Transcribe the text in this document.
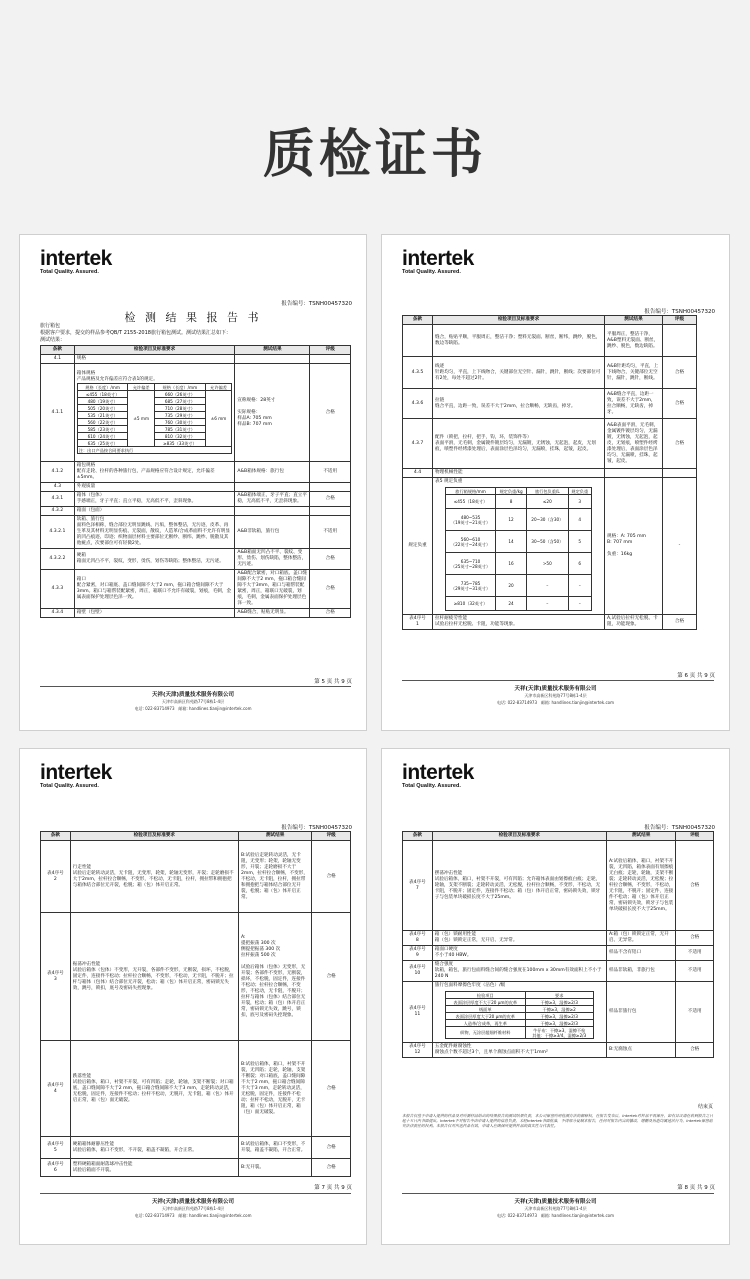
质检证书
intertek
Total Quality. Assured.
报告编号：TSNH00457320
检 测 结 果 报 告 书
旅行箱包
根据客户要求，提交的样品参考QB/T 2155-2018旅行箱包测试。测试结果汇总如下：
测试结果：
条款	检验项目及标准要求	测试结果	评级
4.1	规格		
4.1.1	
箱体规格
产品规格及允许偏差应符合表1的规定。
规格（长度）/mm	允许偏差	规格（长度）/mm	允许偏差
≤455（18英寸）	±5 mm	660（26英寸）	±6 mm
480（19英寸）	685（27英寸）
505（20英寸）	710（28英寸）
535（21英寸）	735（29英寸）
560（22英寸）	760（30英寸）
585（23英寸）	785（31英寸）
610（24英寸）	810（32英寸）
635（25英寸）	≥835（33英寸）
注：出口产品按合同要求执行
	宣称规格：28英寸

实际规格：
样品A: 705 mm
样品B: 707 mm	合格
4.1.2	箱包规格
配有走轮、拉杆的各种旅行包，产品规格应符合设计规定，允许偏差±5mm。	A&B箱体规格：旅行包	不适用
4.3	外观质量		
4.3.1	箱体（包体）
手感端正，牙子平直；直立平稳，无高低不平，歪斜现象。	A&B箱体端正，牙子平直；直立平稳，无高低不平，无歪斜现象。	合格
4.3.2	箱面（包面）		
4.3.2.1	软箱、旅行包
面料色泽相称，缝合部位无明显跳线、污垢，整体整洁，无污迹，皮革、再生革及其材料无明显伤痕、无裂面，散纹，人造革/合成革面料不允许有明显的凹凸痕迹、印迹；织物面层材料主要部位无断纱、断纬、跳纱、脱散及其他疵点，次要部位可有轻微2处。	A&B非软箱，旅行包	不适用
4.3.2.2	硬箱
箱面无凹凸不平，裂纹，变形，烫伤，划伤等缺陷；整体整洁，无污迹。	A&B箱面无凹凸不平、裂纹、变形、烫伤、划伤缺陷，整体整洁，无污迹。	合格
4.3.3	箱口
配合紧密，对口箱底、盖口缝间隙不大于2 mm，拖口箱合缝间隙不大于3mm。箱口与箱帮装配紧密，周正，箱联口不允许有破裂，划痕，毛刺，金属表面保护处理层色泽一致。	A&B配合紧密，对口箱底、盖口缝间隙不大于2 mm，拖口箱合缝间隙不大于3mm，箱口与箱帮装配紧密，周正，箱联口无破裂，划痕，毛刺，金属表面保护处理层色泽一致。	合格
4.3.4	箱壁（包壁）	A&B缝合，贴贴无明显。	合格
第 5 页 共 9 页
天祥(天津)质量技术服务有限公司
天津市高新区科苑路77号8栋1-4层
电话: 022-83714973 邮箱: handlines.tianjin@intertek.com
intertek
Total Quality. Assured.
报告编号：TSNH00457320
条款	检验项目及标准要求	测试结果	评级
	缝合，贴贴平顺，平服周正，整洁干净；塑料无裂面、断丝，断纬，跳纱，脱色，数边等缺陷。	平服周正，整洁干净，A&B塑料无裂面、断丝，跳纱、脱色，数边缺陷。	
4.3.5	线迹
针距均匀，平直，上下线吻合，关键部位无空针、漏针，跳针，断线；次要部位可有2处，每处不超过2针。	A&B针距均匀，平直，上下线吻合，关键部位无空针，漏针，跳针，断线。	合格
4.3.6	拉链
缝合平直，边距一致，误差不大于2mm，拉合顺畅，无缺齿，掉牙。	A&B缝合平直，边距一致，误差不大于2mm，拉合顺畅，无缺齿，掉牙。	合格
4.3.7	配件（锁把，拉杆，把手，钩，环，装饰件等）
表面平滑，无毛刺，金属镀件镀层均匀，无漏镀，无锈蚀，无起泡，起皮，无划痕，喷塑件经烤漆处理后，表面涂层色泽均匀，无漏喷，挂珠，起皱，起皮。	A&B表面平滑，无毛刺，金属镀件镀层均匀，无漏镀，无锈蚀，无起泡，起皮，无划痕，喷塑件经烤漆处理后，表面涂层色泽均匀，无漏喷，挂珠，起皱，起皮。	合格
4.4	物理机械性能		
规定负重	
表5 规定负重
旅行箱规格/mm	规定负重/kg	旅行包负重/L	规定负重
≤455（18英寸）	8	≤20	3
480~535
（19英寸~21英寸）	12	20~30（含30）	4
560~610
（22英寸~24英寸）	14	30~50（含50）	5
635~710
（25英寸~28英寸）	16	>50	6
735~785
（29英寸~31英寸）	20	–	–
≥810（32英寸）	24	–	–
	规格：A: 705 mm
B: 707 mm

负重：16kg	-
表4序号
1	拉杆耐疲劳性能
试验后拉杆无松脱、卡阻，功能等现象。	A,试验后拉杆无松脱、卡阻，功能现象。	合格
第 6 页 共 9 页
天祥(天津)质量技术服务有限公司
天津市高新区科苑路77号8栋1-4层
电话: 022-83714973 邮箱: handlines.tianjin@intertek.com
intertek
Total Quality. Assured.
报告编号：TSNH00457320
条款	检验项目及标准要求	测试结果	评级
表4序号
2	行走性能
试验后走轮转动灵活，无卡阻，无变形，轮架，轮轴无变形，开裂；走轮磨损不大于2mm，拉杆拉合顺畅，不变形，不松动，无卡阻，拉杆，拥拉带和拥抱把与箱体结合部位无开裂，松脱；箱（包）体开启正常。	B:试验后走轮转动灵活，无卡阻，无变形；轮架，轮轴无变形，开裂；走轮磨损不大于2mm，拉杆拉合顺畅，不变形，不松动，无卡阻，拉杆，拥拉带和拥抱把与箱体结合部位无开裂，松脱；箱（包）体开启正常。	合格
表4序号
3	振荡冲击性能
试验后箱体（包体）不变形，无开裂，各部件不变形，无断裂，损坏，不松脱，固定件，连接件不松动；拉杆拉合顺畅，不变形，不松动，无卡阻，不脱开；拉杆与箱体（包体）结合部位无开裂，松动；箱（包）体开启正常，密码锁无失效，跳号，锁扣，底号及密码失控现象。	A:
提把振荡 300 次
侧提把振荡 300 次
拉杆振荡 500 次

试验后箱体（包体）无变形，无开裂；各部件不变形，无断裂，损坏，不松脱，固定件，连接件不松动；拉杆拉合顺畅，不变形，不松动，无卡阻，不脱开；拉杆与箱体（包体）结合部位无开裂，松动；箱（包）体开启正常，密码锁无失效，跳号，锁扣，底号及密码失控现象。	合格
表4序号
4	跌落性能
试验后箱体，箱口，衬架不开裂，可有凹陷；走轮，轮轴，支架不断裂；对口箱底，盖口缝间隙不大于2 mm，拖口箱合缝间隙不大于3 mm，走轮转动灵活，无松脱，固定件，连接件不松动；拉杆不松动，无脱开，无卡阻，箱（包）体开启正常，箱（包）面无破裂。	B:试验后箱体，箱口，衬架不开裂，无凹陷；走轮，轮轴，支架不断裂；对口箱底，盖口缝间隙不大于2 mm，拖口箱合缝间隙不大于3 mm，走轮转动灵活，无松脱，固定件，连接件不松动；拉杆不松动，无脱开，无卡阻，箱（包）体开启正常，箱（包）面无破裂。	合格
表4序号
5	硬箱箱体耐静压性能
试验后箱体，箱口不变形，不开裂，箱盖不凝陷，开合正常。	B:试验后箱体，箱口不变形，不开裂，箱盖不凝陷，开合正常。	合格
表4序号
6	塑料硬箱箱面耐落球冲击性能
试验后箱面不开裂。	B:无开裂。	合格
第 7 页 共 9 页
天祥(天津)质量技术服务有限公司
天津市高新区科苑路77号8栋1-4层
电话: 022-83714973 邮箱: handlines.tianjin@intertek.com
intertek
Total Quality. Assured.
报告编号：TSNH00457320
条款	检验项目及标准要求	测试结果	评级
表4序号
7	摆荡冲击性能
试验后箱体，箱口，衬架不开裂，可有凹陷；允许箱体表面由划擦痕白痕；走轮，轮轴，支架不断裂；走轮转动灵活，无松脱，拉杆拉合顺畅，不变形，不松动，无卡阻，不脱开；固定件，连接件不松动；箱（包）体开启正常，密码锁失效，锁牙子与包装单块破损长度不大于25mm。	A:试验后箱体，箱口，衬架不开裂，无凹陷，箱体表面有划擦痕无白痕；走轮，轮轴，支架不断裂；走轮转动灵活，无松脱；拉杆拉合顺畅，不变形，不松动，无卡阻，不脱开；固定件，连接件不松动；箱（包）体开启正常，密码锁失效，锁牙子与包装单块破损长度不大于25mm。	合格
表4序号
8	箱（包）锁耐用性能
箱（包）锁锁定正常，无开启、无异常。	A:箱（包）锁锁定正常，无开启、无异常。	合格
表4序号
9	箱面口硬度
不小于40 HBW。	样品不含有铝口	不适用
表4序号
10	缝合强度
软箱，箱包，旅行包面料缝合间的缝合强度在100mm x 30mm有效面积上不小于240 N	样品非软箱，非旅行包	不适用
表4序号
11	
旅行包面料摩擦色牢度（沾色）/级
检验项目	要求
表面涂层厚度不大于20 µm的皮革	干擦≥3，湿擦≥2/3
绒面革	干擦≥3，湿擦≥2
表面涂层厚度大于20 µm的皮革	干擦≥3，湿擦≥2/3
人造革/合成革，再生革	干擦≥3，湿擦≥2/3
织物，无涂层超细纤维材料	牛仔布：干擦≥3，湿擦不检
其他：干擦≥3/4，湿擦≥2/3
	样品非旅行包	不适用
表4序号
12	五金配件耐腐蚀性
腐蚀点个数不超过3个，且单个腐蚀点面积不大于1mm²	B:无腐蚀点	合格
结束页
本报告仅基于申请人提供的样品及对所测样品给出的结果报告的测试结果负责，本公司保留所用检测方法的解释权，在报告发布后，Intertek对样品不再保存，如有异议请在收到报告之日起十五日内书面提出。Intertek不对报告中由申请人提供的信息负责，未经Intertek书面批准，不得部分复制本报告，任何对报告内容的篡改、增删及伪造均属违法行为，Intertek保留追究法律责任的权利。本报告仅对所送样品有效，申请人应确保所提供样品的真实性与代表性。
第 8 页 共 9 页
天祥(天津)质量技术服务有限公司
天津市高新区科苑路77号8栋1-4层
电话: 022-83714973 邮箱: handlines.tianjin@intertek.com
